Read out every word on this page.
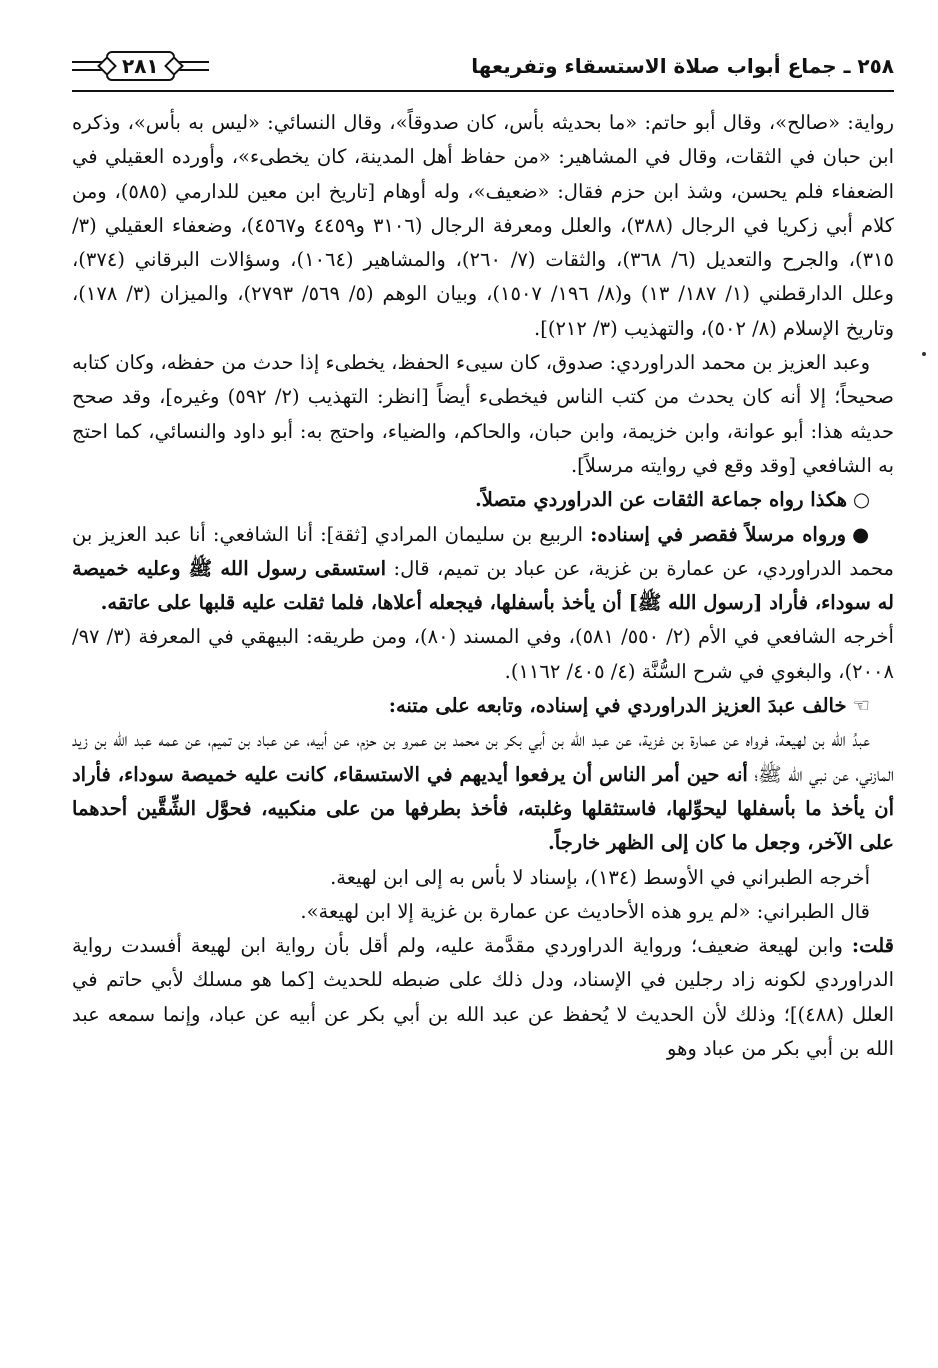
٢٥٨ ـ جماع أبواب صلاة الاستسقاء وتفريعها
٢٨١

رواية: «صالح»، وقال أبو حاتم: «ما بحديثه بأس، كان صدوقاً»، وقال النسائي: «ليس به بأس»، وذكره ابن حبان في الثقات، وقال في المشاهير: «من حفاظ أهل المدينة، كان يخطىء»، وأورده العقيلي في الضعفاء فلم يحسن، وشذ ابن حزم فقال: «ضعيف»، وله أوهام [تاريخ ابن معين للدارمي (٥٨٥)، ومن كلام أبي زكريا في الرجال (٣٨٨)، والعلل ومعرفة الرجال (٣١٠٦ و٤٤٥٩ و٤٥٦٧)، وضعفاء العقيلي (٣/ ٣١٥)، والجرح والتعديل (٦/ ٣٦٨)، والثقات (٧/ ٢٦٠)، والمشاهير (١٠٦٤)، وسؤالات البرقاني (٣٧٤)، وعلل الدارقطني (١/ ١٨٧/ ١٣) و(٨/ ١٩٦/ ١٥٠٧)، وبيان الوهم (٥/ ٥٦٩/ ٢٧٩٣)، والميزان (٣/ ١٧٨)، وتاريخ الإسلام (٨/ ٥٠٢)، والتهذيب (٣/ ٢١٢)].

وعبد العزيز بن محمد الدراوردي: صدوق، كان سيىء الحفظ، يخطىء إذا حدث من حفظه، وكان كتابه صحيحاً؛ إلا أنه كان يحدث من كتب الناس فيخطىء أيضاً [انظر: التهذيب (٢/ ٥٩٢) وغيره]، وقد صحح حديثه هذا: أبو عوانة، وابن خزيمة، وابن حبان، والحاكم، والضياء، واحتج به: أبو داود والنسائي، كما احتج به الشافعي [وقد وقع في روايته مرسلاً].

○هكذا رواه جماعة الثقات عن الدراوردي متصلاً.

●ورواه مرسلاً فقصر في إسناده: الربيع بن سليمان المرادي [ثقة]: أنا الشافعي: أنا عبد العزيز بن محمد الدراوردي، عن عمارة بن غزية، عن عباد بن تميم، قال: استسقى رسول الله ﷺ وعليه خميصة له سوداء، فأراد [رسول الله ﷺ] أن يأخذ بأسفلها، فيجعله أعلاها، فلما ثقلت عليه قلبها على عاتقه.

أخرجه الشافعي في الأم (٢/ ٥٥٠/ ٥٨١)، وفي المسند (٨٠)، ومن طريقه: البيهقي في المعرفة (٣/ ٩٧/ ٢٠٠٨)، والبغوي في شرح السُّنَّة (٤/ ٤٠٥/ ١١٦٢).

☜خالف عبدَ العزيز الدراوردي في إسناده، وتابعه على متنه:

عبدُ الله بن لهيعة، فرواه عن عمارة بن غزية، عن عبد الله بن أبي بكر بن محمد بن عمرو بن حزم، عن أبيه، عن عباد بن تميم، عن عمه عبد الله بن زيد المازني، عن نبي الله ﷺ؛ أنه حين أمر الناس أن يرفعوا أيديهم في الاستسقاء، كانت عليه خميصة سوداء، فأراد أن يأخذ ما بأسفلها ليحوِّلها، فاستثقلها وغلبته، فأخذ بطرفها من على منكبيه، فحوَّل الشِّقَّين أحدهما على الآخر، وجعل ما كان إلى الظهر خارجاً.

أخرجه الطبراني في الأوسط (١٣٤)، بإسناد لا بأس به إلى ابن لهيعة.

قال الطبراني: «لم يرو هذه الأحاديث عن عمارة بن غزية إلا ابن لهيعة».

قلت: وابن لهيعة ضعيف؛ ورواية الدراوردي مقدَّمة عليه، ولم أقل بأن رواية ابن لهيعة أفسدت رواية الدراوردي لكونه زاد رجلين في الإسناد، ودل ذلك على ضبطه للحديث [كما هو مسلك لأبي حاتم في العلل (٤٨٨)]؛ وذلك لأن الحديث لا يُحفظ عن عبد الله بن أبي بكر عن أبيه عن عباد، وإنما سمعه عبد الله بن أبي بكر من عباد وهو
